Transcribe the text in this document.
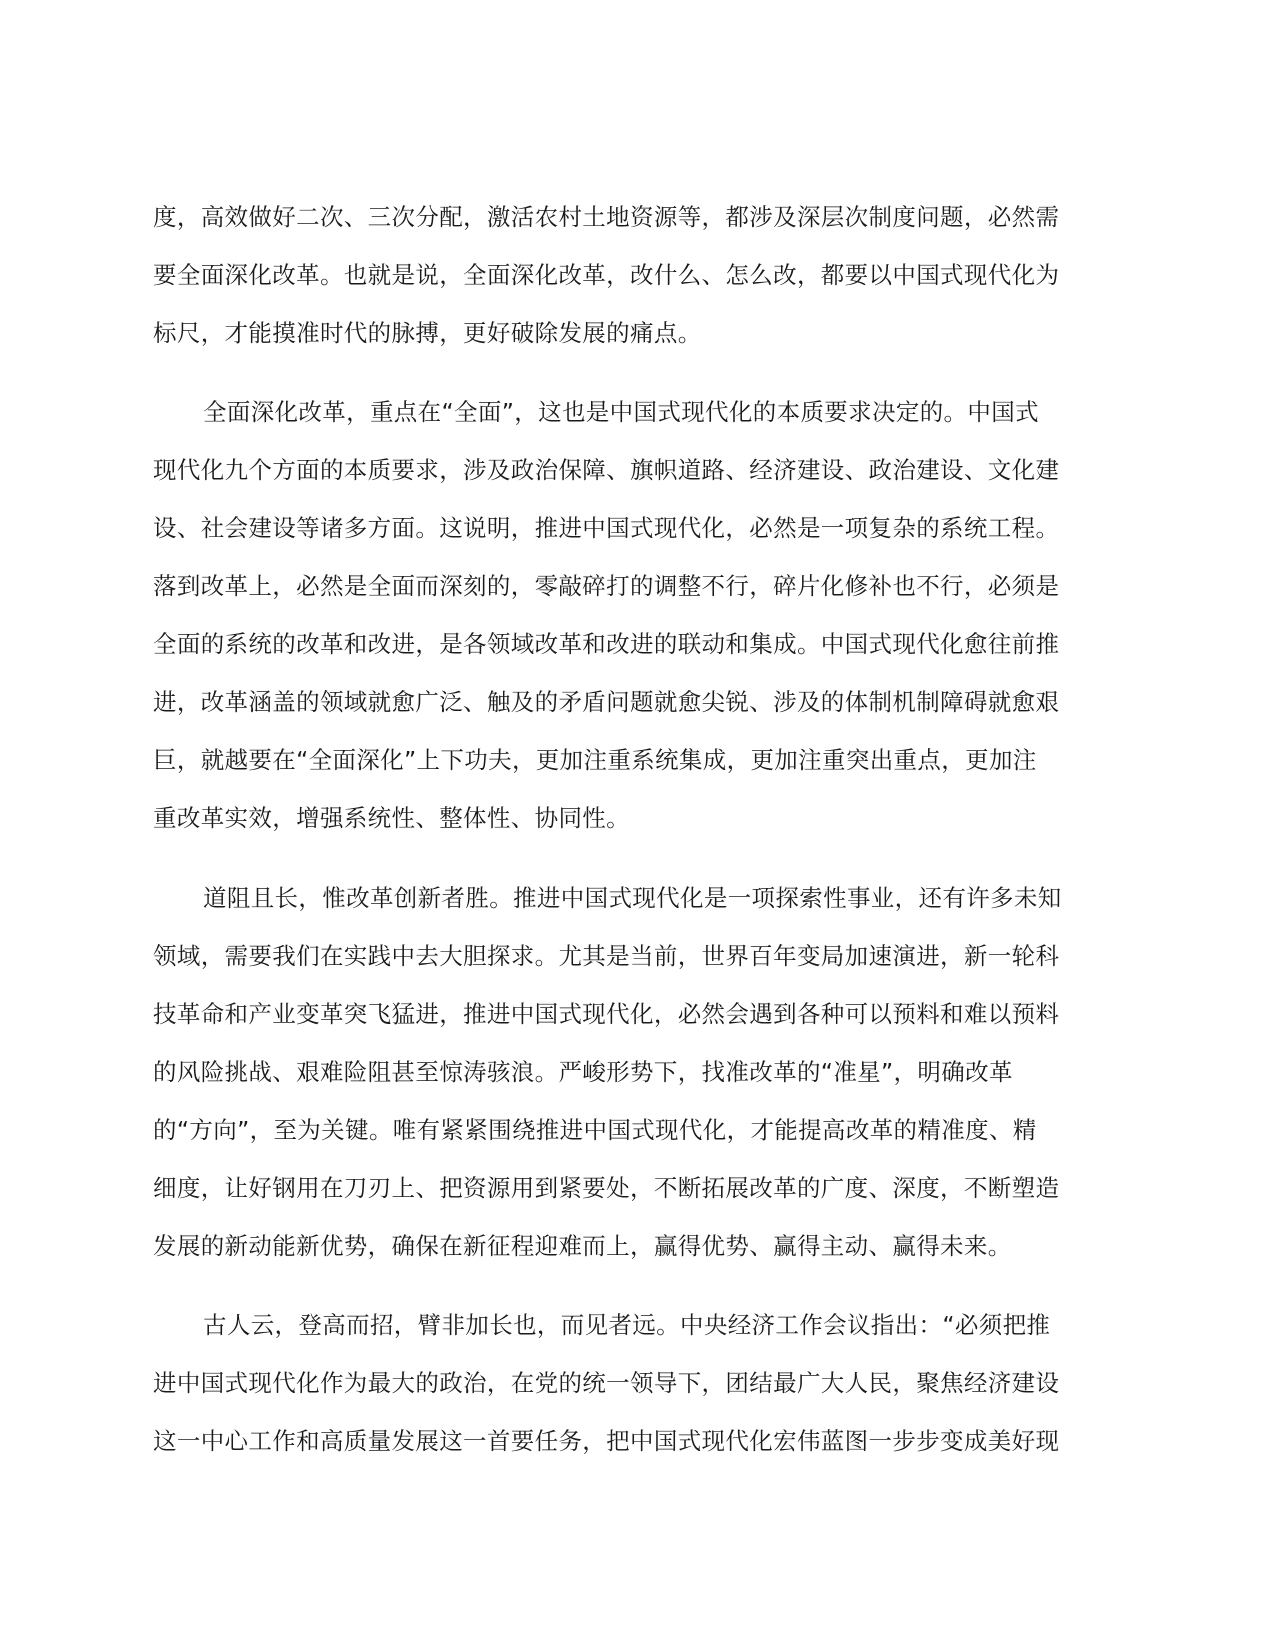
度，高效做好二次、三次分配，激活农村土地资源等，都涉及深层次制度问题，必然需
要全面深化改革。也就是说，全面深化改革，改什么、怎么改，都要以中国式现代化为
标尺，才能摸准时代的脉搏，更好破除发展的痛点。
全面深化改革，重点在“全面”，这也是中国式现代化的本质要求决定的。中国式
现代化九个方面的本质要求，涉及政治保障、旗帜道路、经济建设、政治建设、文化建
设、社会建设等诸多方面。这说明，推进中国式现代化，必然是一项复杂的系统工程。
落到改革上，必然是全面而深刻的，零敲碎打的调整不行，碎片化修补也不行，必须是
全面的系统的改革和改进，是各领域改革和改进的联动和集成。中国式现代化愈往前推
进，改革涵盖的领域就愈广泛、触及的矛盾问题就愈尖锐、涉及的体制机制障碍就愈艰
巨，就越要在“全面深化”上下功夫，更加注重系统集成，更加注重突出重点，更加注
重改革实效，增强系统性、整体性、协同性。
道阻且长，惟改革创新者胜。推进中国式现代化是一项探索性事业，还有许多未知
领域，需要我们在实践中去大胆探求。尤其是当前，世界百年变局加速演进，新一轮科
技革命和产业变革突飞猛进，推进中国式现代化，必然会遇到各种可以预料和难以预料
的风险挑战、艰难险阻甚至惊涛骇浪。严峻形势下，找准改革的“准星”，明确改革
的“方向”，至为关键。唯有紧紧围绕推进中国式现代化，才能提高改革的精准度、精
细度，让好钢用在刀刃上、把资源用到紧要处，不断拓展改革的广度、深度，不断塑造
发展的新动能新优势，确保在新征程迎难而上，赢得优势、赢得主动、赢得未来。
古人云，登高而招，臂非加长也，而见者远。中央经济工作会议指出：“必须把推
进中国式现代化作为最大的政治，在党的统一领导下，团结最广大人民，聚焦经济建设
这一中心工作和高质量发展这一首要任务，把中国式现代化宏伟蓝图一步步变成美好现
